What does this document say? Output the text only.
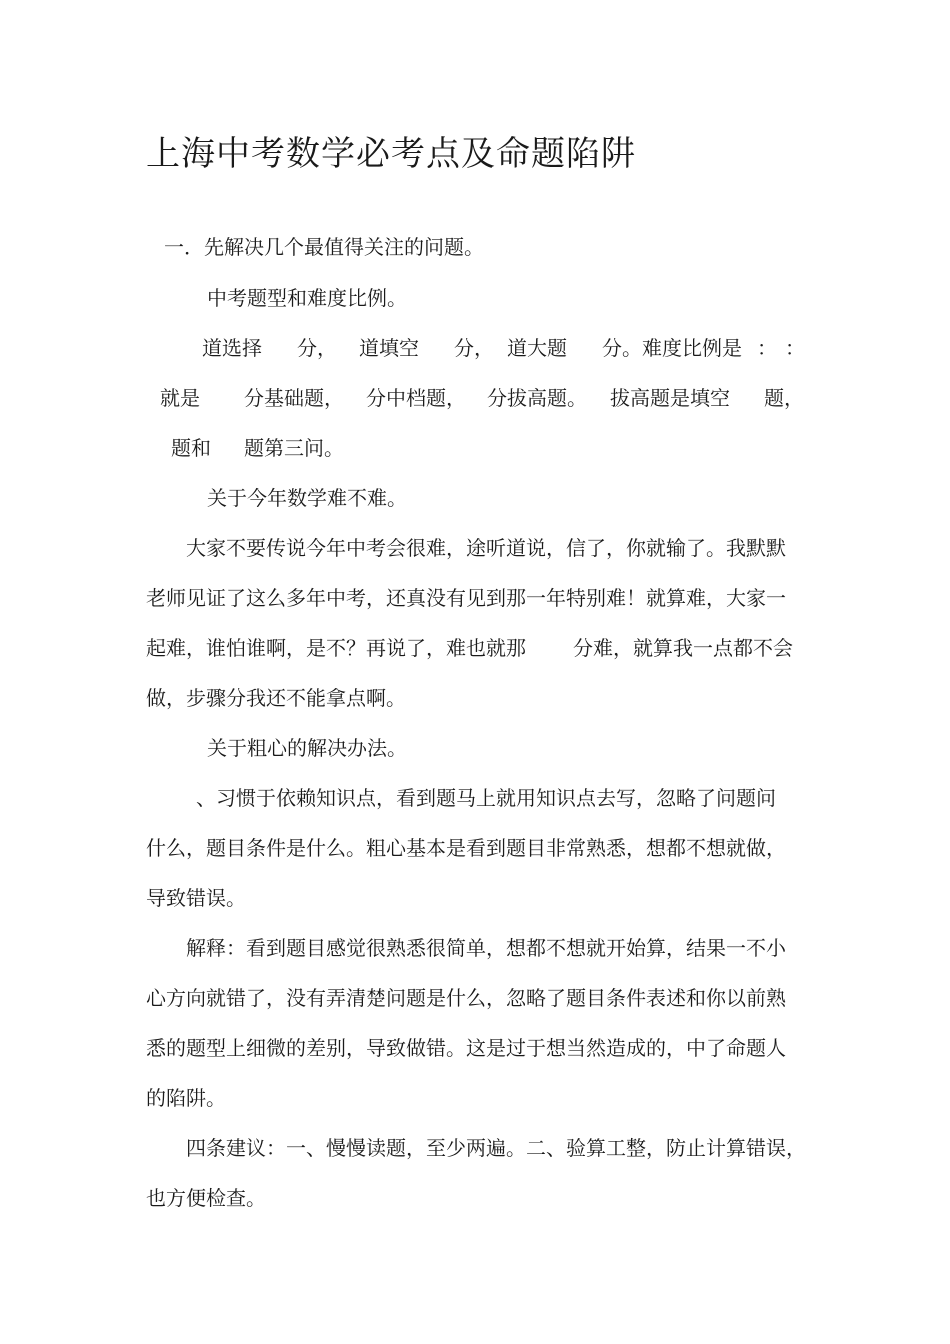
上海中考数学必考点及命题陷阱
一．先解决几个最值得关注的问题。
中考题型和难度比例。
道选择 分， 道填空 分， 道大题 分。难度比例是 ： ：
就是 分基础题， 分中档题， 分拔高题。 拔高题是填空 题，
题和 题第三问。
关于今年数学难不难。
大家不要传说今年中考会很难，途听道说，信了，你就输了。我默默
老师见证了这么多年中考，还真没有见到那一年特别难！就算难，大家一
起难，谁怕谁啊，是不？再说了，难也就那 分难，就算我一点都不会
做，步骤分我还不能拿点啊。
关于粗心的解决办法。
、习惯于依赖知识点，看到题马上就用知识点去写，忽略了问题问
什么，题目条件是什么。粗心基本是看到题目非常熟悉，想都不想就做，
导致错误。
解释：看到题目感觉很熟悉很简单，想都不想就开始算，结果一不小
心方向就错了，没有弄清楚问题是什么，忽略了题目条件表述和你以前熟
悉的题型上细微的差别，导致做错。这是过于想当然造成的，中了命题人
的陷阱。
四条建议：一、慢慢读题，至少两遍。二、验算工整，防止计算错误，
也方便检查。
